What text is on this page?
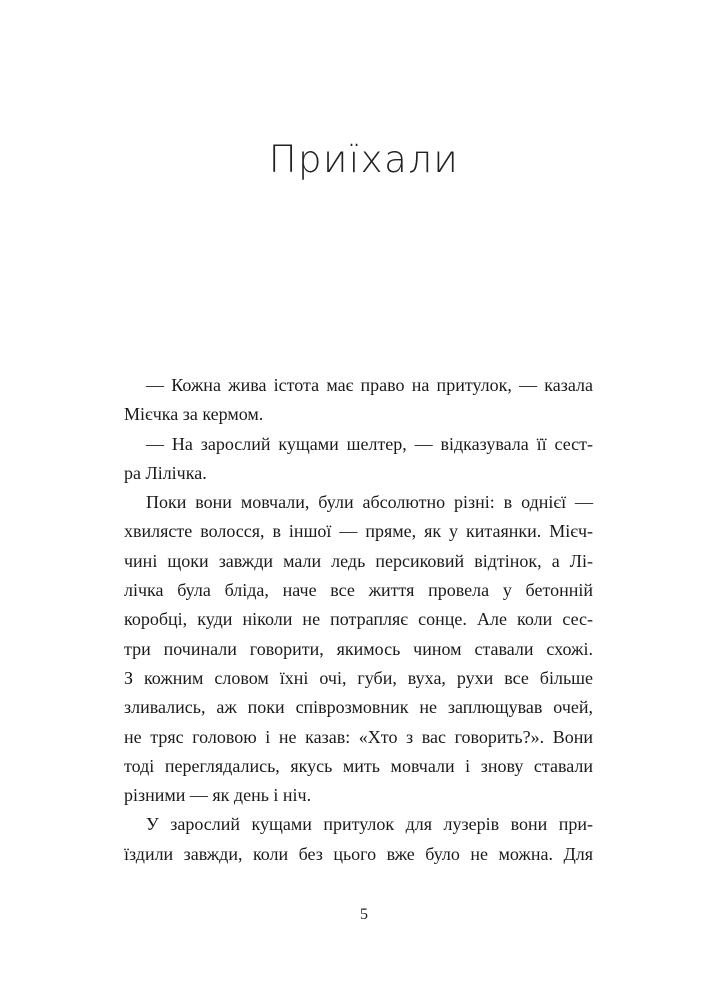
Приїхали
— Кожна жива істота має право на притулок, — казала
Мієчка за кермом.
— На зарослий кущами шелтер, — відказувала її сест-
ра Лілічка.
Поки вони мовчали, були абсолютно різні: в однієї —
хвилясте волосся, в іншої — пряме, як у китаянки. Мієч-
чині щоки завжди мали ледь персиковий відтінок, а Лі-
лічка була бліда, наче все життя провела у бетонній
коробці, куди ніколи не потрапляє сонце. Але коли сес-
три починали говорити, якимось чином ставали схожі.
З кожним словом їхні очі, губи, вуха, рухи все більше
зливались, аж поки співрозмовник не заплющував очей,
не тряс головою і не казав: «Хто з вас говорить?». Вони
тоді переглядались, якусь мить мовчали і знову ставали
різними — як день і ніч.
У зарослий кущами притулок для лузерів вони при-
їздили завжди, коли без цього вже було не можна. Для
5
